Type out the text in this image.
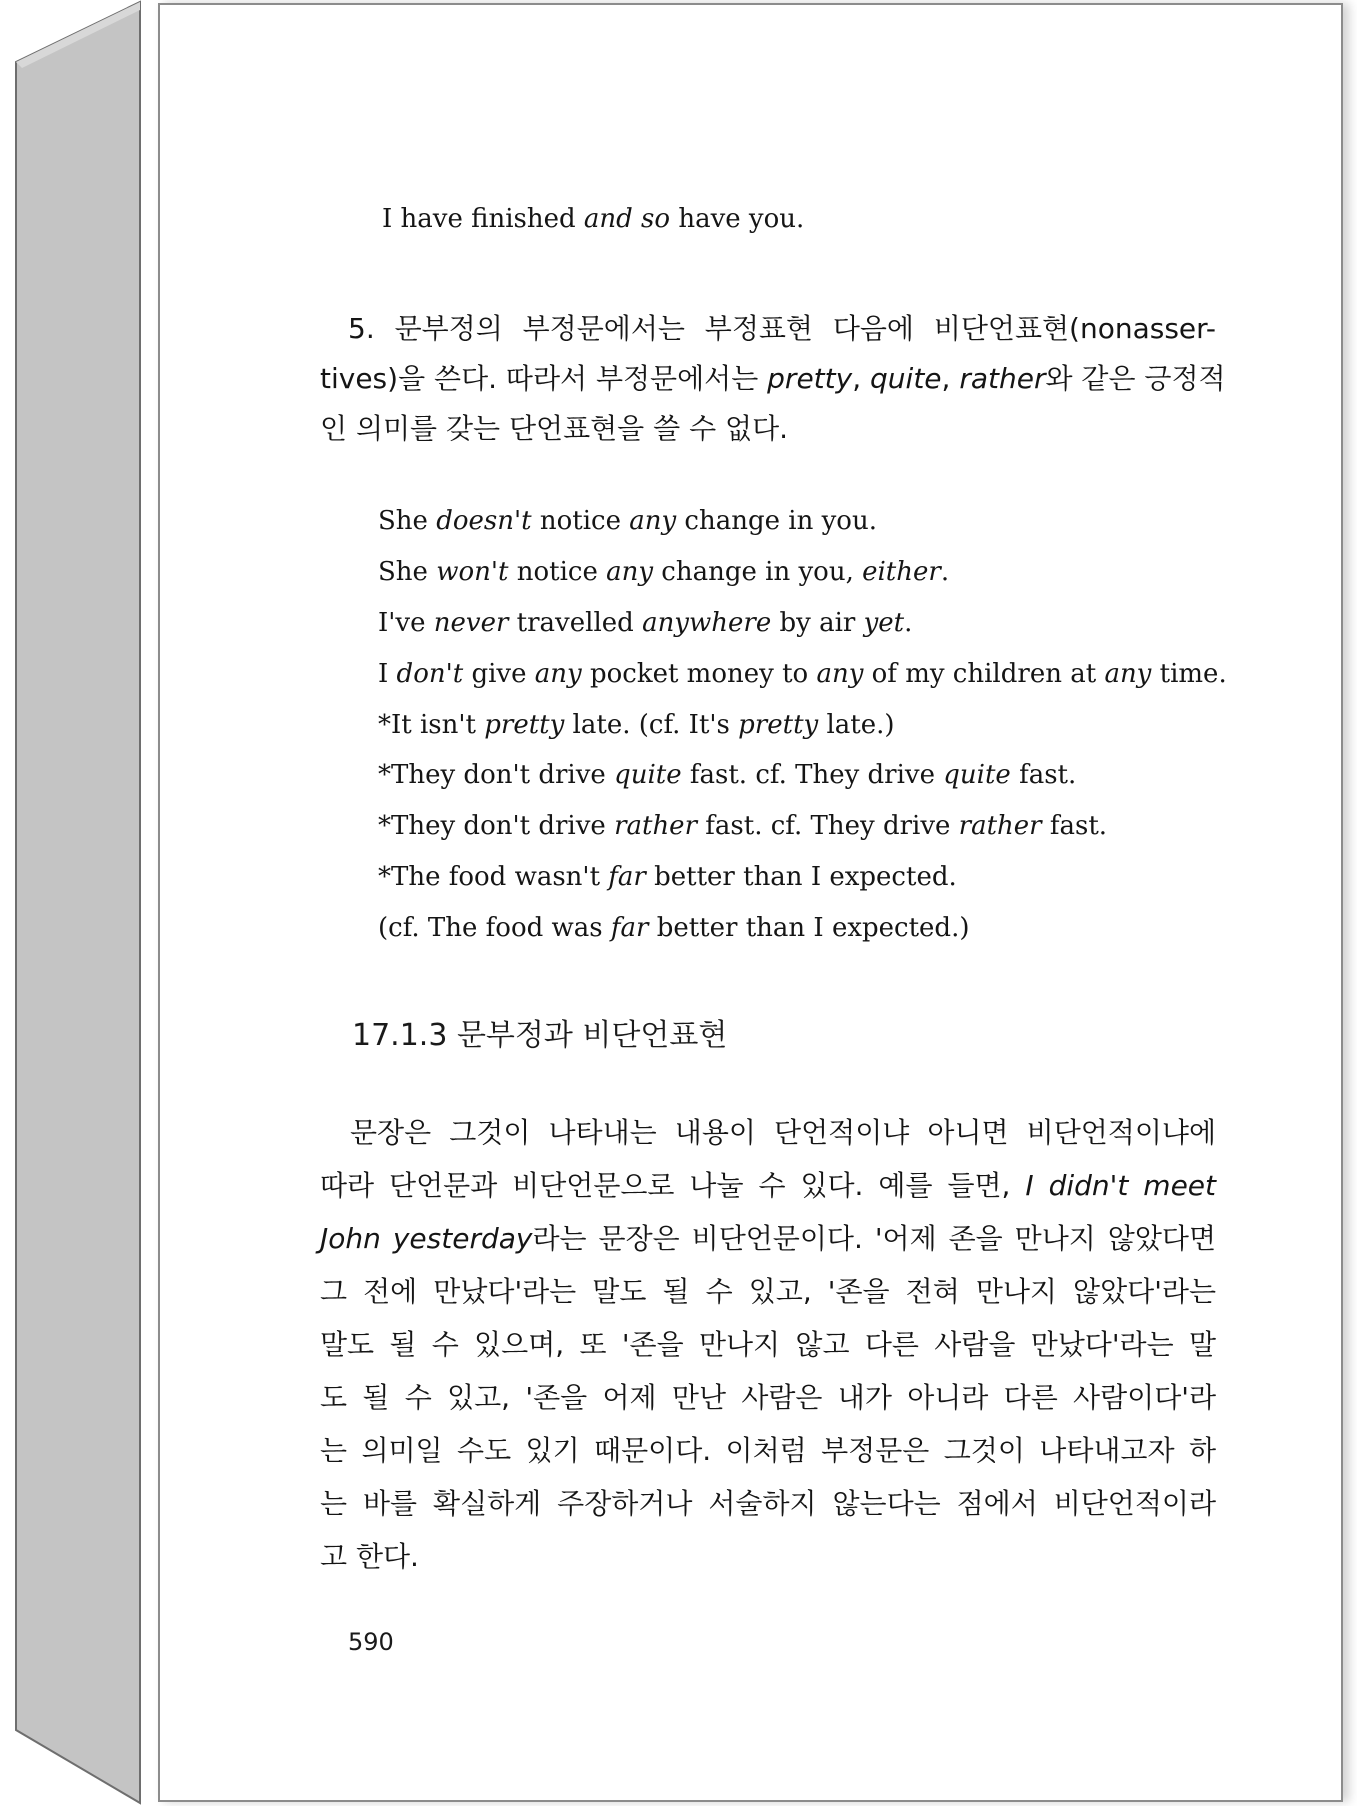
I have finished and so have you.
5. 문부정의 부정문에서는 부정표현 다음에 비단언표현(nonasser-
tives)을 쓴다. 따라서 부정문에서는 pretty, quite, rather와 같은 긍정적
인 의미를 갖는 단언표현을 쓸 수 없다.
She doesn't notice any change in you.
She won't notice any change in you, either.
I've never travelled anywhere by air yet.
I don't give any pocket money to any of my children at any time.
*It isn't pretty late. (cf. It's pretty late.)
*They don't drive quite fast. cf. They drive quite fast.
*They don't drive rather fast. cf. They drive rather fast.
*The food wasn't far better than I expected.
(cf. The food was far better than I expected.)
17.1.3 문부정과 비단언표현
문장은 그것이 나타내는 내용이 단언적이냐 아니면 비단언적이냐에
따라 단언문과 비단언문으로 나눌 수 있다. 예를 들면, I didn't meet
John yesterday라는 문장은 비단언문이다. '어제 존을 만나지 않았다면
그 전에 만났다'라는 말도 될 수 있고, '존을 전혀 만나지 않았다'라는
말도 될 수 있으며, 또 '존을 만나지 않고 다른 사람을 만났다'라는 말
도 될 수 있고, '존을 어제 만난 사람은 내가 아니라 다른 사람이다'라
는 의미일 수도 있기 때문이다. 이처럼 부정문은 그것이 나타내고자 하
는 바를 확실하게 주장하거나 서술하지 않는다는 점에서 비단언적이라
고 한다.
590
